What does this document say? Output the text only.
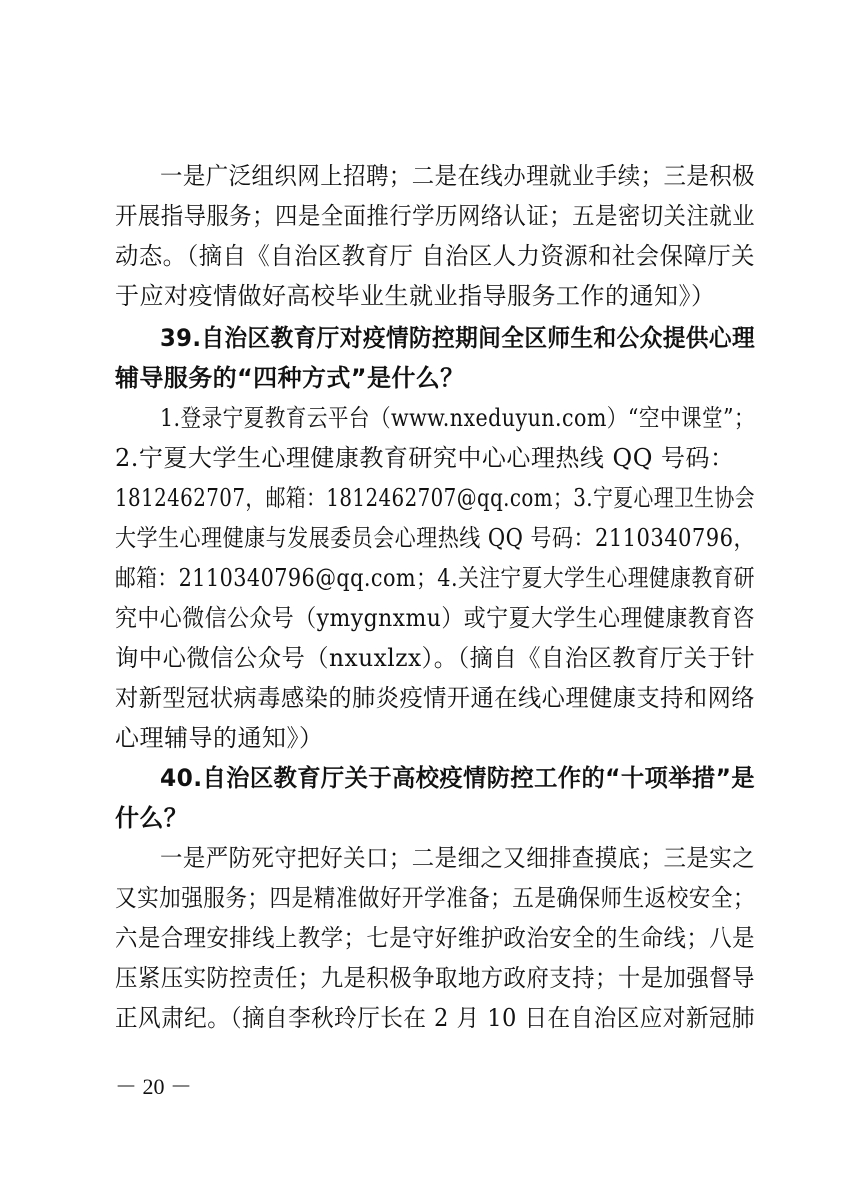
一是广泛组织网上招聘；二是在线办理就业手续；三是积极
开展指导服务；四是全面推行学历网络认证；五是密切关注就业
动态。（摘自《自治区教育厅 自治区人力资源和社会保障厅关
于应对疫情做好高校毕业生就业指导服务工作的通知》）
39.自治区教育厅对疫情防控期间全区师生和公众提供心理
辅导服务的“四种方式”是什么？
1.登录宁夏教育云平台（www.nxeduyun.com）“空中课堂”；
2.宁夏大学生心理健康教育研究中心心理热线 QQ 号码：
1812462707，邮箱：1812462707@qq.com；3.宁夏心理卫生协会
大学生心理健康与发展委员会心理热线 QQ 号码：2110340796，
邮箱：2110340796@qq.com；4.关注宁夏大学生心理健康教育研
究中心微信公众号（ymygnxmu）或宁夏大学生心理健康教育咨
询中心微信公众号（nxuxlzx）。（摘自《自治区教育厅关于针
对新型冠状病毒感染的肺炎疫情开通在线心理健康支持和网络
心理辅导的通知》）
40.自治区教育厅关于高校疫情防控工作的“十项举措”是
什么？
一是严防死守把好关口；二是细之又细排查摸底；三是实之
又实加强服务；四是精准做好开学准备；五是确保师生返校安全；
六是合理安排线上教学；七是守好维护政治安全的生命线；八是
压紧压实防控责任；九是积极争取地方政府支持；十是加强督导
正风肃纪。（摘自李秋玲厅长在 2 月 10 日在自治区应对新冠肺
－ 20 －
